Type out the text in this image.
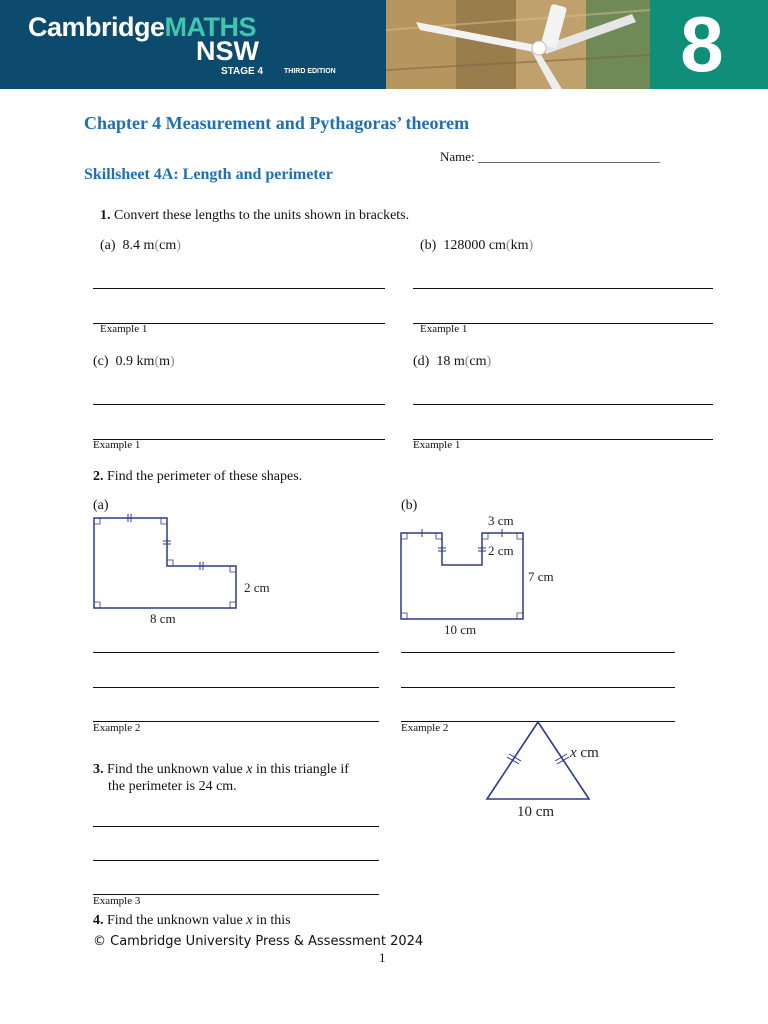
CambridgeMATHS
NSW
STAGE 4	THIRD EDITION	8
Chapter 4 Measurement and Pythagoras’ theorem
Name: ____________________________
Skillsheet 4A: Length and perimeter
1. Convert these lengths to the units shown in brackets.
(a) 8.4 m(cm)	(b) 128000 cm(km)
Example 1	Example 1
(c) 0.9 km(m)	(d) 18 m(cm)
Example 1	Example 1
2. Find the perimeter of these shapes.
(a)	(b)
2 cm
8 cm
3 cm
2 cm
7 cm
10 cm
Example 2	Example 2
3. Find the unknown value x in this triangle if
the perimeter is 24 cm.
x cm
10 cm
Example 3
4. Find the unknown value x in this
© Cambridge University Press & Assessment 2024
1
